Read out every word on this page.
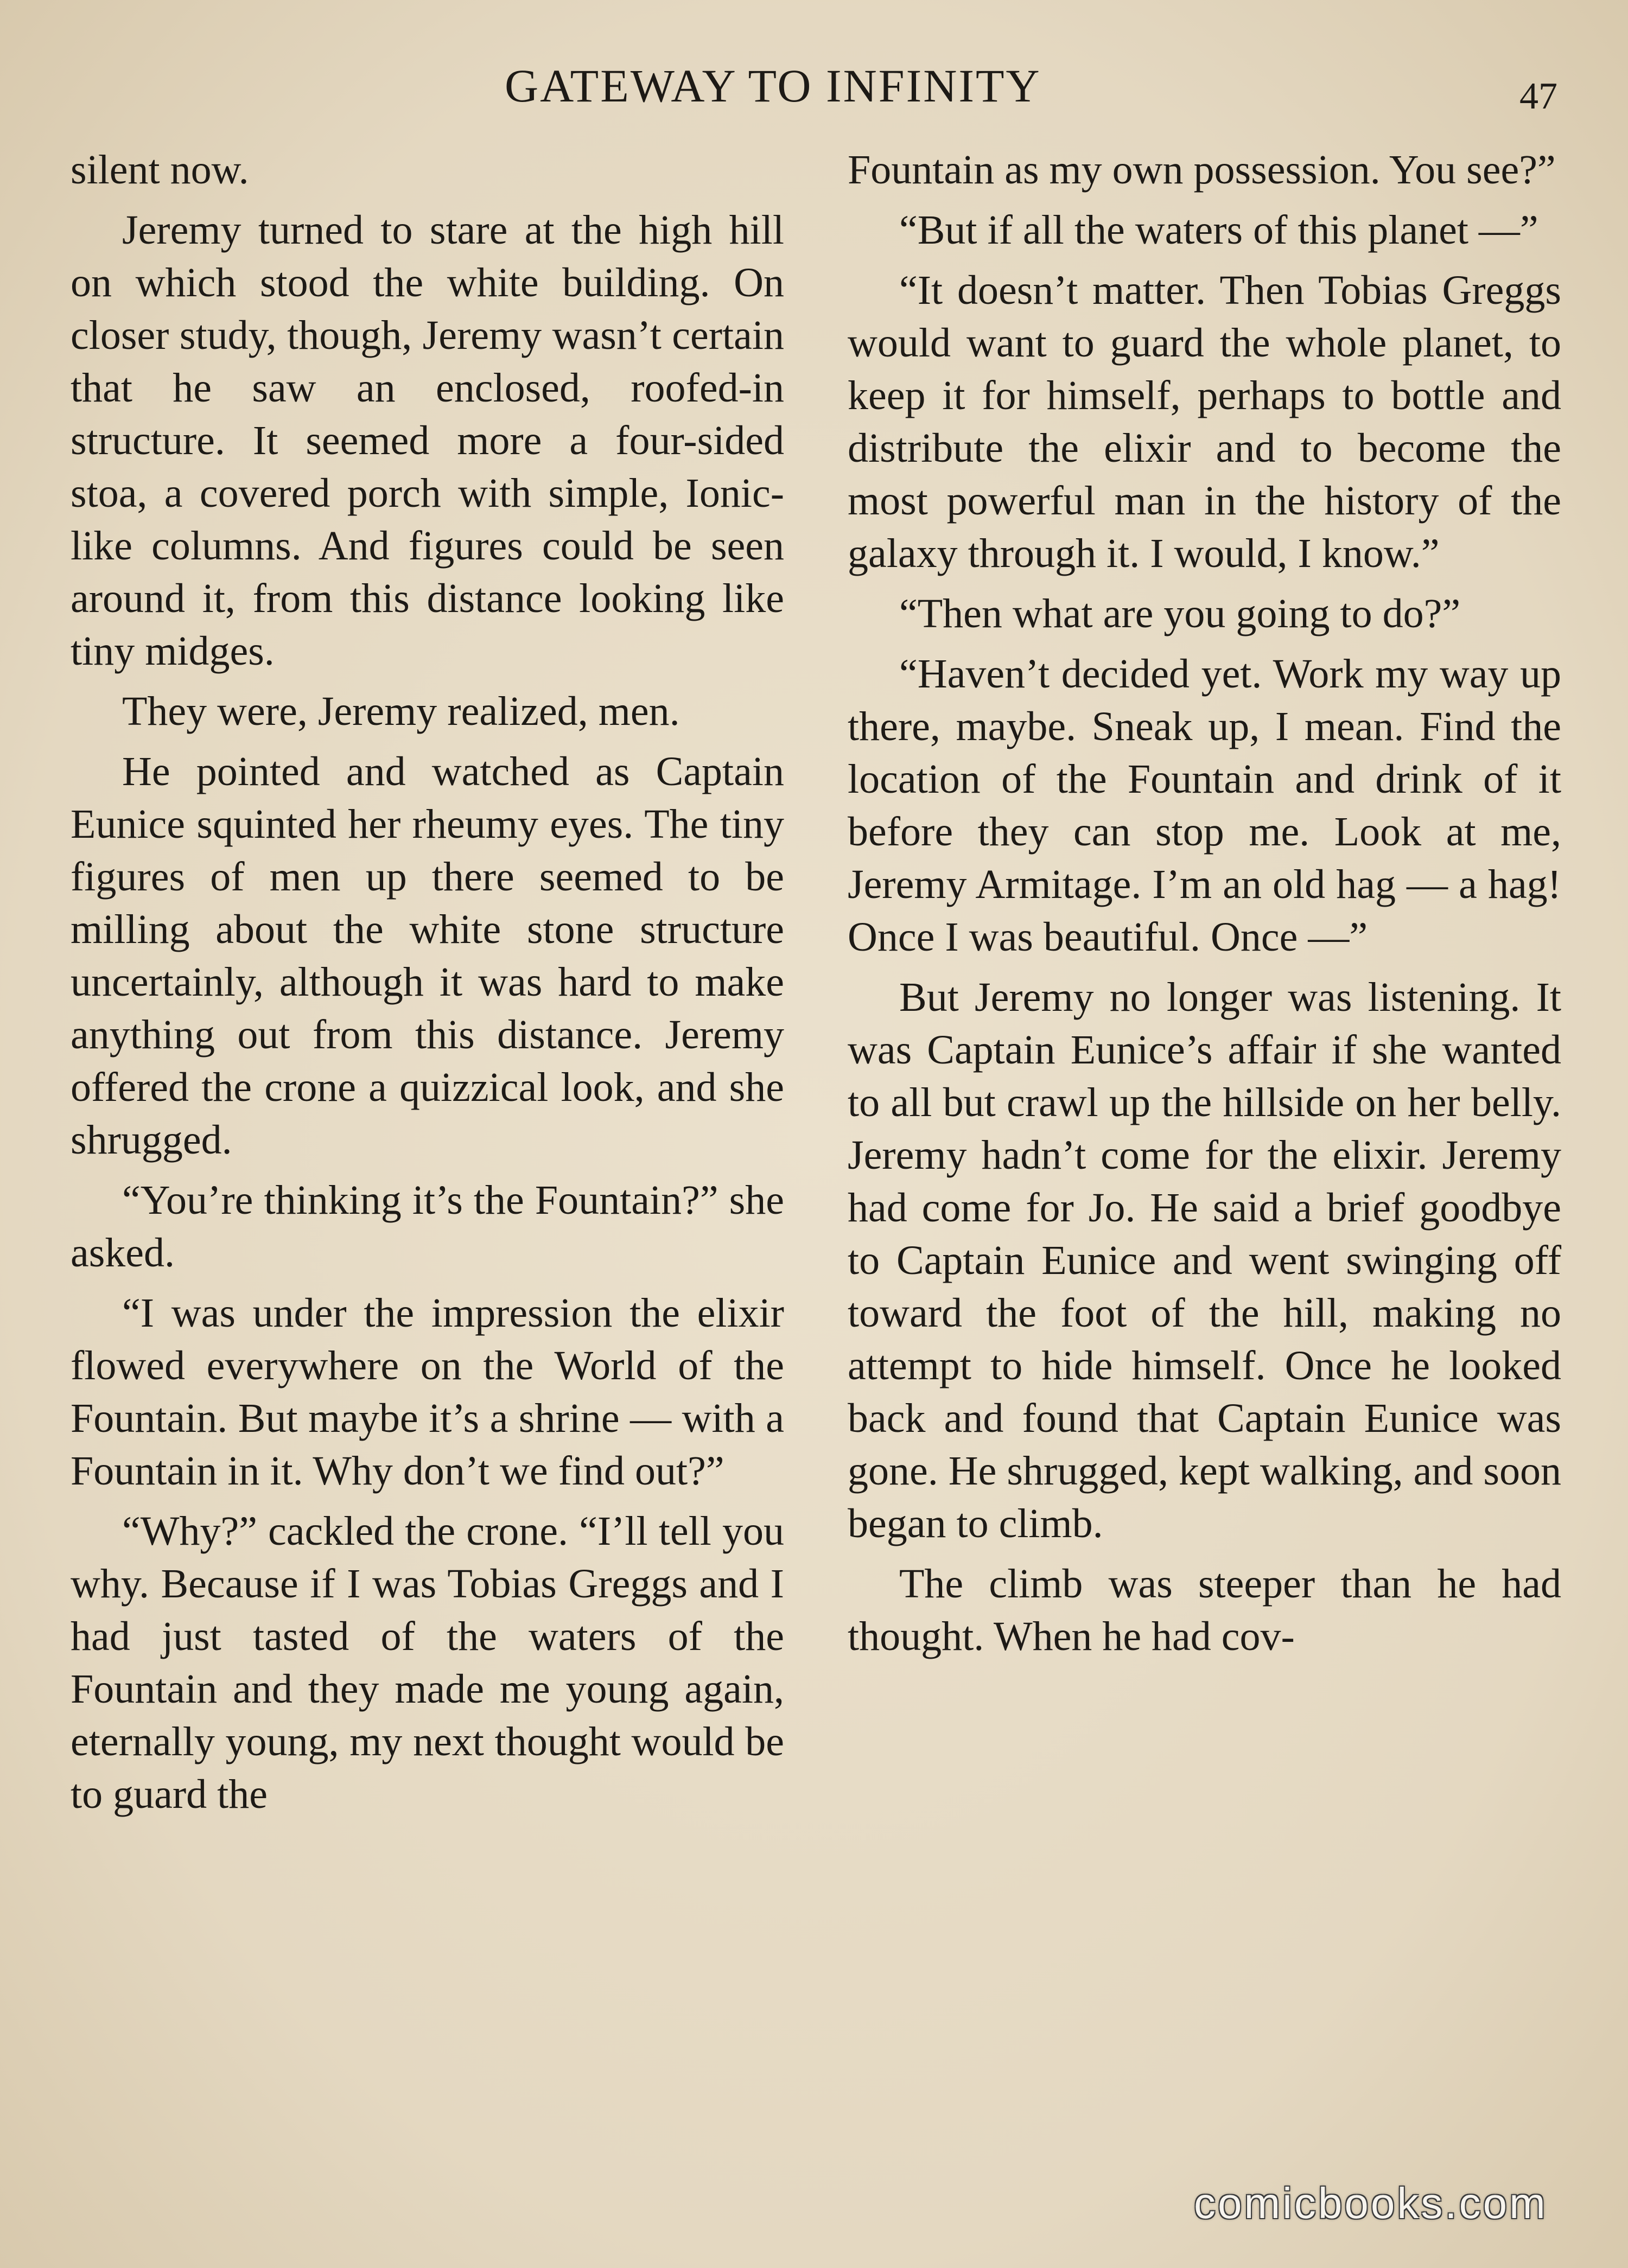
GATEWAY TO INFINITY	47

silent now.

Jeremy turned to stare at the high hill on which stood the white building. On closer study, though, Jeremy wasn’t certain that he saw an enclosed, roofed-in structure. It seemed more a four-sided stoa, a covered porch with simple, Ionic-like columns. And figures could be seen around it, from this distance looking like tiny midges.

They were, Jeremy realized, men.

He pointed and watched as Captain Eunice squinted her rheumy eyes. The tiny figures of men up there seemed to be milling about the white stone structure uncertainly, although it was hard to make anything out from this distance. Jeremy offered the crone a quizzical look, and she shrugged.

“You’re thinking it’s the Fountain?” she asked.

“I was under the impression the elixir flowed everywhere on the World of the Fountain. But maybe it’s a shrine — with a Fountain in it. Why don’t we find out?”

“Why?” cackled the crone. “I’ll tell you why. Because if I was Tobias Greggs and I had just tasted of the waters of the Fountain and they made me young again, eternally young, my next thought would be to guard the

Fountain as my own possession. You see?”

“But if all the waters of this planet —”

“It doesn’t matter. Then Tobias Greggs would want to guard the whole planet, to keep it for himself, perhaps to bottle and distribute the elixir and to become the most powerful man in the history of the galaxy through it. I would, I know.”

“Then what are you going to do?”

“Haven’t decided yet. Work my way up there, maybe. Sneak up, I mean. Find the location of the Fountain and drink of it before they can stop me. Look at me, Jeremy Armitage. I’m an old hag — a hag! Once I was beautiful. Once —”

But Jeremy no longer was listening. It was Captain Eunice’s affair if she wanted to all but crawl up the hillside on her belly. Jeremy hadn’t come for the elixir. Jeremy had come for Jo. He said a brief goodbye to Captain Eunice and went swinging off toward the foot of the hill, making no attempt to hide himself. Once he looked back and found that Captain Eunice was gone. He shrugged, kept walking, and soon began to climb.

The climb was steeper than he had thought. When he had cov-

comicbooks.com
